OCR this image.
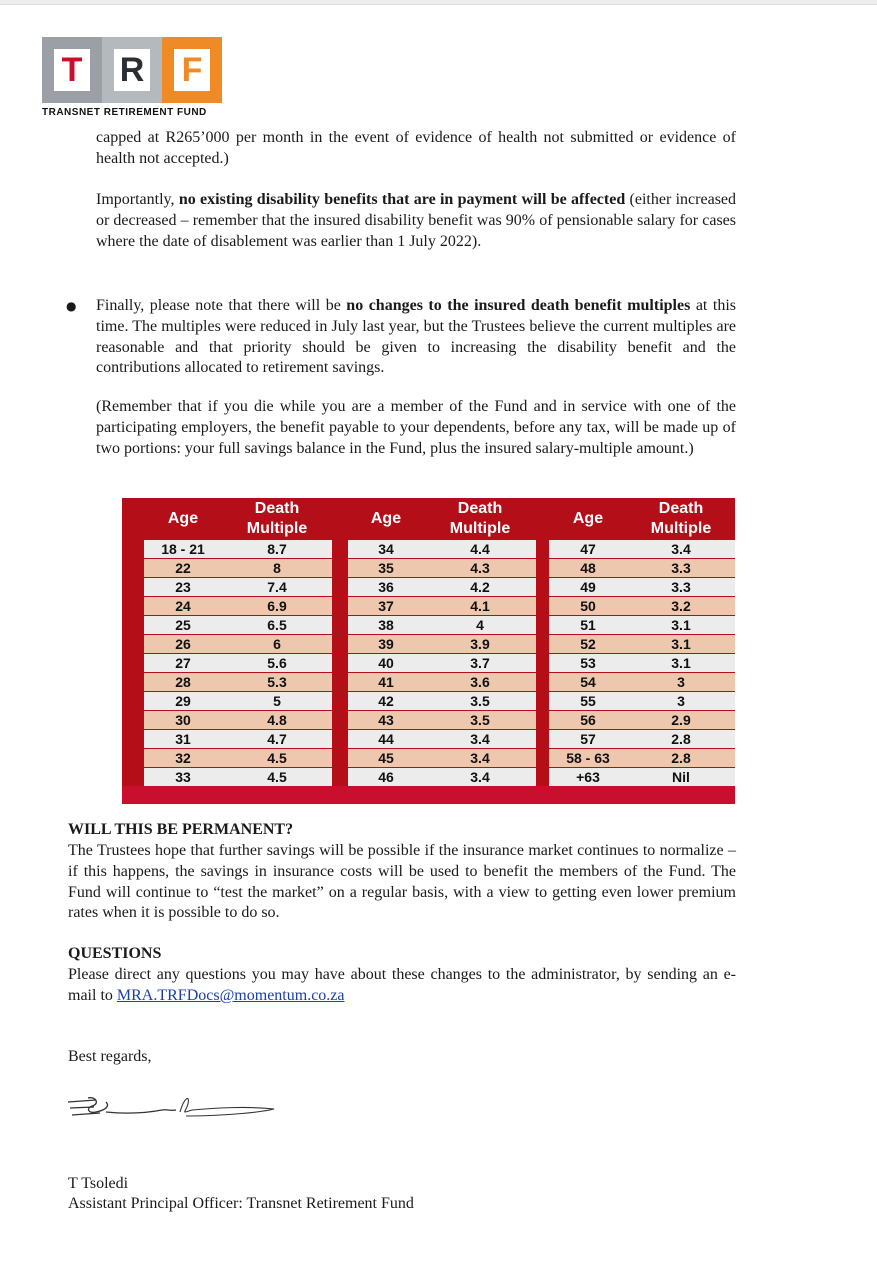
T R F
TRANSNET RETIREMENT FUND
capped at R265’000 per month in the event of evidence of health not submitted or evidence of health not accepted.)
Importantly, no existing disability benefits that are in payment will be affected (either increased or decreased – remember that the insured disability benefit was 90% of pensionable salary for cases where the date of disablement was earlier than 1 July 2022).
● Finally, please note that there will be no changes to the insured death benefit multiples at this time. The multiples were reduced in July last year, but the Trustees believe the current multiples are reasonable and that priority should be given to increasing the disability benefit and the contributions allocated to retirement savings.
(Remember that if you die while you are a member of the Fund and in service with one of the participating employers, the benefit payable to your dependents, before any tax, will be made up of two portions: your full savings balance in the Fund, plus the insured salary-multiple amount.)
Age
Death
Multiple
18 - 21	8.7
22	8
23	7.4
24	6.9
25	6.5
26	6
27	5.6
28	5.3
29	5
30	4.8
31	4.7
32	4.5
33	4.5
Age
Death
Multiple
34	4.4
35	4.3
36	4.2
37	4.1
38	4
39	3.9
40	3.7
41	3.6
42	3.5
43	3.5
44	3.4
45	3.4
46	3.4
Age
Death
Multiple
47	3.4
48	3.3
49	3.3
50	3.2
51	3.1
52	3.1
53	3.1
54	3
55	3
56	2.9
57	2.8
58 - 63	2.8
+63	Nil
WILL THIS BE PERMANENT?
The Trustees hope that further savings will be possible if the insurance market continues to normalize – if this happens, the savings in insurance costs will be used to benefit the members of the Fund. The Fund will continue to “test the market” on a regular basis, with a view to getting even lower premium rates when it is possible to do so.
QUESTIONS
Please direct any questions you may have about these changes to the administrator, by sending an e-mail to MRA.TRFDocs@momentum.co.za
Best regards,
T Tsoledi
Assistant Principal Officer: Transnet Retirement Fund
